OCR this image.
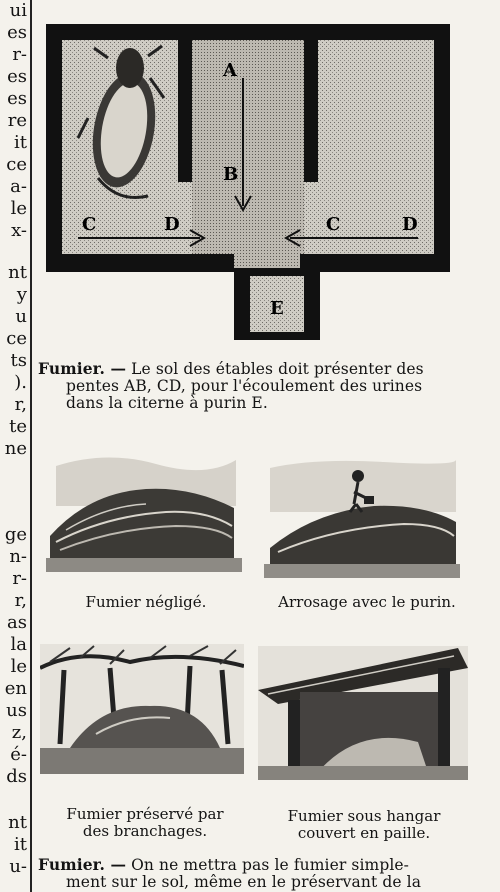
ui
es
r-
es
es
re
it
ce
a-
le
x-
nt
y
u
ce
ts
).
r,
te
ne
ge
n-
r-
r,
as
la
le
en
us
z,
é-
ds
nt
it
u-
A
B
C	D	C	D
E
Fumier. — Le sol des étables doit présenter des
pentes AB, CD, pour l'écoulement des urines
dans la citerne à purin E.
Fumier négligé.	Arrosage avec le purin.
Fumier préservé par
des branchages.
Fumier sous hangar
couvert en paille.
Fumier. — On ne mettra pas le fumier simple-
ment sur le sol, même en le préservant de la
